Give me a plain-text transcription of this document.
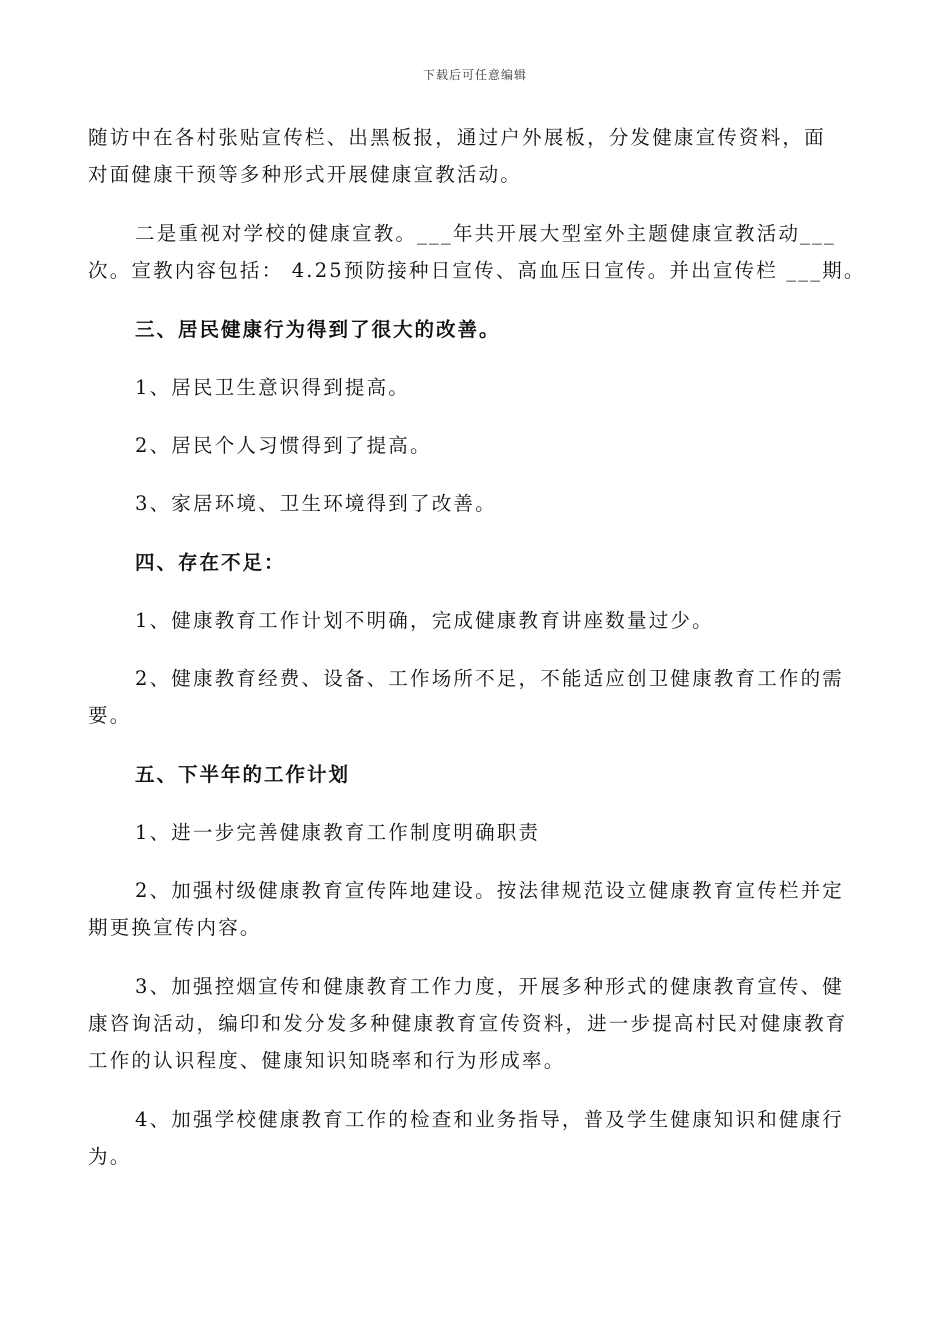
下载后可任意编辑
随访中在各村张贴宣传栏、出黑板报，通过户外展板，分发健康宣传资料，面
对面健康干预等多种形式开展健康宣教活动。
二是重视对学校的健康宣教。___年共开展大型室外主题健康宣教活动___
次。宣教内容包括： 4.25预防接种日宣传、高血压日宣传。并出宣传栏 ___期。
三、居民健康行为得到了很大的改善。
1、居民卫生意识得到提高。
2、居民个人习惯得到了提高。
3、家居环境、卫生环境得到了改善。
四、存在不足：
1、健康教育工作计划不明确，完成健康教育讲座数量过少。
2、健康教育经费、设备、工作场所不足，不能适应创卫健康教育工作的需
要。
五、下半年的工作计划
1、进一步完善健康教育工作制度明确职责
2、加强村级健康教育宣传阵地建设。按法律规范设立健康教育宣传栏并定
期更换宣传内容。
3、加强控烟宣传和健康教育工作力度，开展多种形式的健康教育宣传、健
康咨询活动，编印和发分发多种健康教育宣传资料，进一步提高村民对健康教育
工作的认识程度、健康知识知晓率和行为形成率。
4、加强学校健康教育工作的检查和业务指导，普及学生健康知识和健康行
为。
